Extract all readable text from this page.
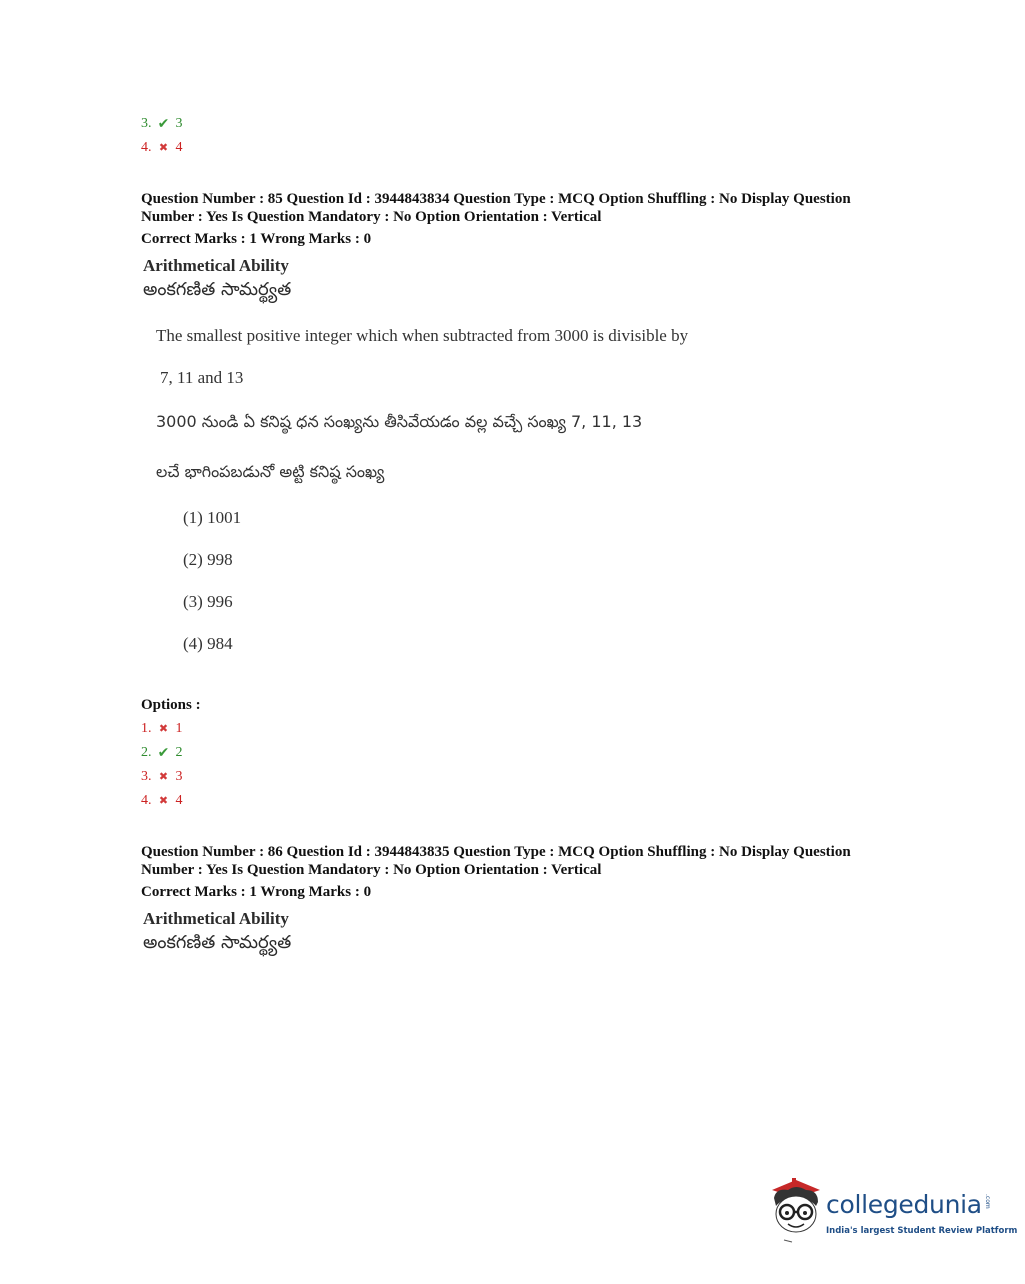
3. ✔ 3
4. ✖ 4
Question Number : 85 Question Id : 3944843834 Question Type : MCQ Option Shuffling : No Display Question
Number : Yes Is Question Mandatory : No Option Orientation : Vertical
Correct Marks : 1 Wrong Marks : 0
Arithmetical Ability
అంకగణిత సామర్థ్యత
The smallest positive integer which when subtracted from 3000 is divisible by
7, 11 and 13
3000 నుండి ఏ కనిష్ఠ ధన సంఖ్యను తీసివేయడం వల్ల వచ్చే సంఖ్య 7, 11, 13
లచే భాగింపబడునో అట్టి కనిష్ఠ సంఖ్య
(1) 1001
(2) 998
(3) 996
(4) 984
Options :
1. ✖ 1
2. ✔ 2
3. ✖ 3
4. ✖ 4
Question Number : 86 Question Id : 3944843835 Question Type : MCQ Option Shuffling : No Display Question
Number : Yes Is Question Mandatory : No Option Orientation : Vertical
Correct Marks : 1 Wrong Marks : 0
Arithmetical Ability
అంకగణిత సామర్థ్యత
collegedunia .com
India's largest Student Review Platform
